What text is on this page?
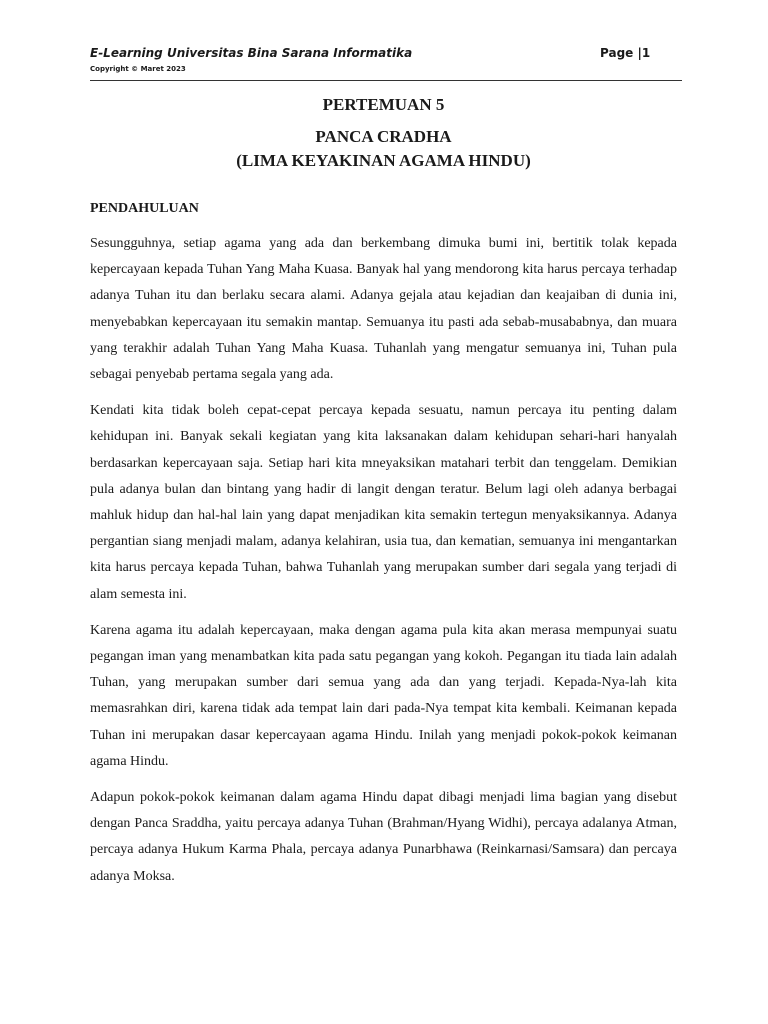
E-Learning Universitas Bina Sarana Informatika
Copyright © Maret 2023
Page |1
PERTEMUAN 5
PANCA CRADHA
(LIMA KEYAKINAN AGAMA HINDU)
PENDAHULUAN

Sesungguhnya, setiap agama yang ada dan berkembang dimuka bumi ini, bertitik tolak kepada kepercayaan kepada Tuhan Yang Maha Kuasa. Banyak hal yang mendorong kita harus percaya terhadap adanya Tuhan itu dan berlaku secara alami. Adanya gejala atau kejadian dan keajaiban di dunia ini, menyebabkan kepercayaan itu semakin mantap. Semuanya itu pasti ada sebab-musababnya, dan muara yang terakhir adalah Tuhan Yang Maha Kuasa. Tuhanlah yang mengatur semuanya ini, Tuhan pula sebagai penyebab pertama segala yang ada.

Kendati kita tidak boleh cepat-cepat percaya kepada sesuatu, namun percaya itu penting dalam kehidupan ini. Banyak sekali kegiatan yang kita laksanakan dalam kehidupan sehari-hari hanyalah berdasarkan kepercayaan saja. Setiap hari kita mneyaksikan matahari terbit dan tenggelam. Demikian pula adanya bulan dan bintang yang hadir di langit dengan teratur. Belum lagi oleh adanya berbagai mahluk hidup dan hal-hal lain yang dapat menjadikan kita semakin tertegun menyaksikannya. Adanya pergantian siang menjadi malam, adanya kelahiran, usia tua, dan kematian, semuanya ini mengantarkan kita harus percaya kepada Tuhan, bahwa Tuhanlah yang merupakan sumber dari segala yang terjadi di alam semesta ini.

Karena agama itu adalah kepercayaan, maka dengan agama pula kita akan merasa mempunyai suatu pegangan iman yang menambatkan kita pada satu pegangan yang kokoh. Pegangan itu tiada lain adalah Tuhan, yang merupakan sumber dari semua yang ada dan yang terjadi. Kepada-Nya-lah kita memasrahkan diri, karena tidak ada tempat lain dari pada-Nya tempat kita kembali. Keimanan kepada Tuhan ini merupakan dasar kepercayaan agama Hindu. Inilah yang menjadi pokok-pokok keimanan agama Hindu.

Adapun pokok-pokok keimanan dalam agama Hindu dapat dibagi menjadi lima bagian yang disebut dengan Panca Sraddha, yaitu percaya adanya Tuhan (Brahman/Hyang Widhi), percaya adalanya Atman, percaya adanya Hukum Karma Phala, percaya adanya Punarbhawa (Reinkarnasi/Samsara) dan percaya adanya Moksa.
